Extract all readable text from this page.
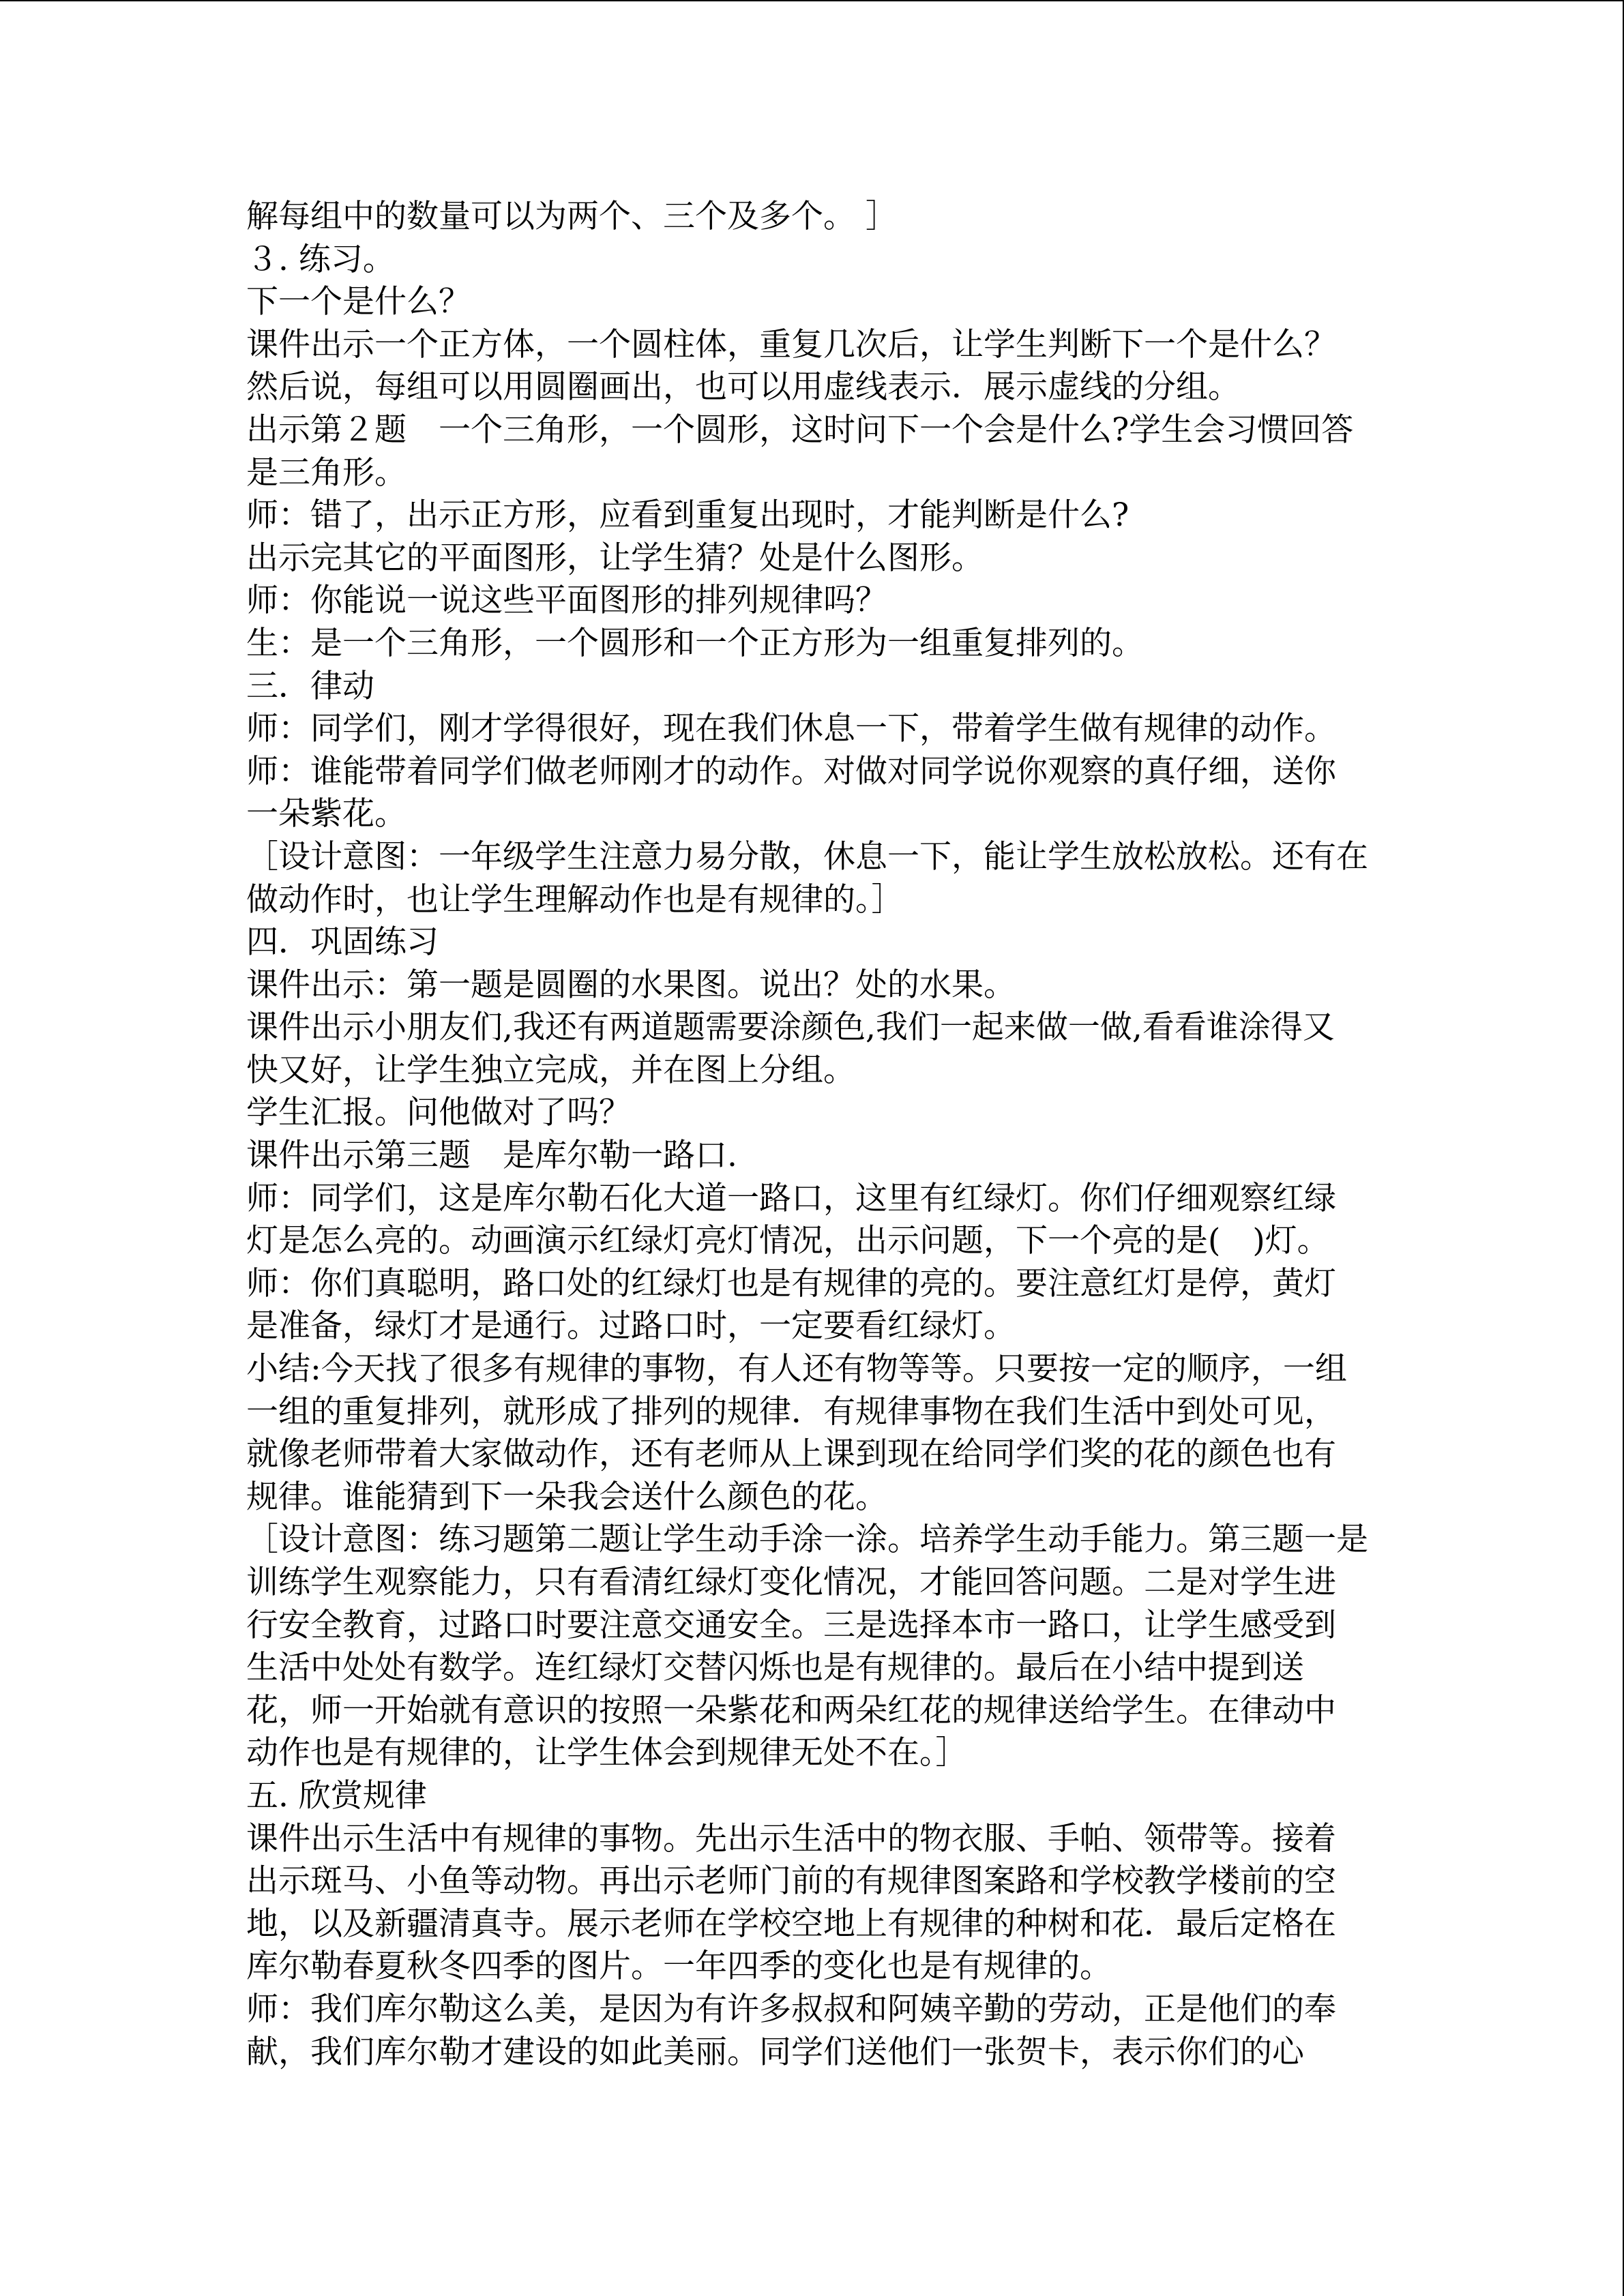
解每组中的数量可以为两个、三个及多个。 ］

３. 练习。

下一个是什么？

课件出示一个正方体，一个圆柱体，重复几次后，让学生判断下一个是什么？

然后说，每组可以用圆圈画出，也可以用虚线表示．展示虚线的分组。

出示第２题　一个三角形，一个圆形，这时问下一个会是什么?学生会习惯回答

是三角形。

师：错了，出示正方形，应看到重复出现时，才能判断是什么?

出示完其它的平面图形，让学生猜？处是什么图形。

师：你能说一说这些平面图形的排列规律吗？

生：是一个三角形，一个圆形和一个正方形为一组重复排列的。

三．律动

师：同学们，刚才学得很好，现在我们休息一下，带着学生做有规律的动作。

师：谁能带着同学们做老师刚才的动作。对做对同学说你观察的真仔细，送你

一朵紫花。

［设计意图：一年级学生注意力易分散，休息一下，能让学生放松放松。还有在

做动作时，也让学生理解动作也是有规律的。］

四．巩固练习

课件出示：第一题是圆圈的水果图。说出？处的水果。

课件出示小朋友们,我还有两道题需要涂颜色,我们一起来做一做,看看谁涂得又

快又好，让学生独立完成，并在图上分组。

学生汇报。问他做对了吗？

课件出示第三题　是库尔勒一路口.

师：同学们，这是库尔勒石化大道一路口，这里有红绿灯。你们仔细观察红绿

灯是怎么亮的。动画演示红绿灯亮灯情况，出示问题，下一个亮的是(　)灯。

师：你们真聪明，路口处的红绿灯也是有规律的亮的。要注意红灯是停，黄灯

是准备，绿灯才是通行。过路口时，一定要看红绿灯。

小结:今天找了很多有规律的事物，有人还有物等等。只要按一定的顺序，一组

一组的重复排列，就形成了排列的规律．有规律事物在我们生活中到处可见，

就像老师带着大家做动作，还有老师从上课到现在给同学们奖的花的颜色也有

规律。谁能猜到下一朵我会送什么颜色的花。

［设计意图：练习题第二题让学生动手涂一涂。培养学生动手能力。第三题一是

训练学生观察能力，只有看清红绿灯变化情况，才能回答问题。二是对学生进

行安全教育，过路口时要注意交通安全。三是选择本市一路口，让学生感受到

生活中处处有数学。连红绿灯交替闪烁也是有规律的。最后在小结中提到送

花，师一开始就有意识的按照一朵紫花和两朵红花的规律送给学生。在律动中

动作也是有规律的，让学生体会到规律无处不在。］

五. 欣赏规律

课件出示生活中有规律的事物。先出示生活中的物衣服、手帕、领带等。接着

出示斑马、小鱼等动物。再出示老师门前的有规律图案路和学校教学楼前的空

地，以及新疆清真寺。展示老师在学校空地上有规律的种树和花．最后定格在

库尔勒春夏秋冬四季的图片。一年四季的变化也是有规律的。

师：我们库尔勒这么美，是因为有许多叔叔和阿姨辛勤的劳动，正是他们的奉

献，我们库尔勒才建设的如此美丽。同学们送他们一张贺卡，表示你们的心
